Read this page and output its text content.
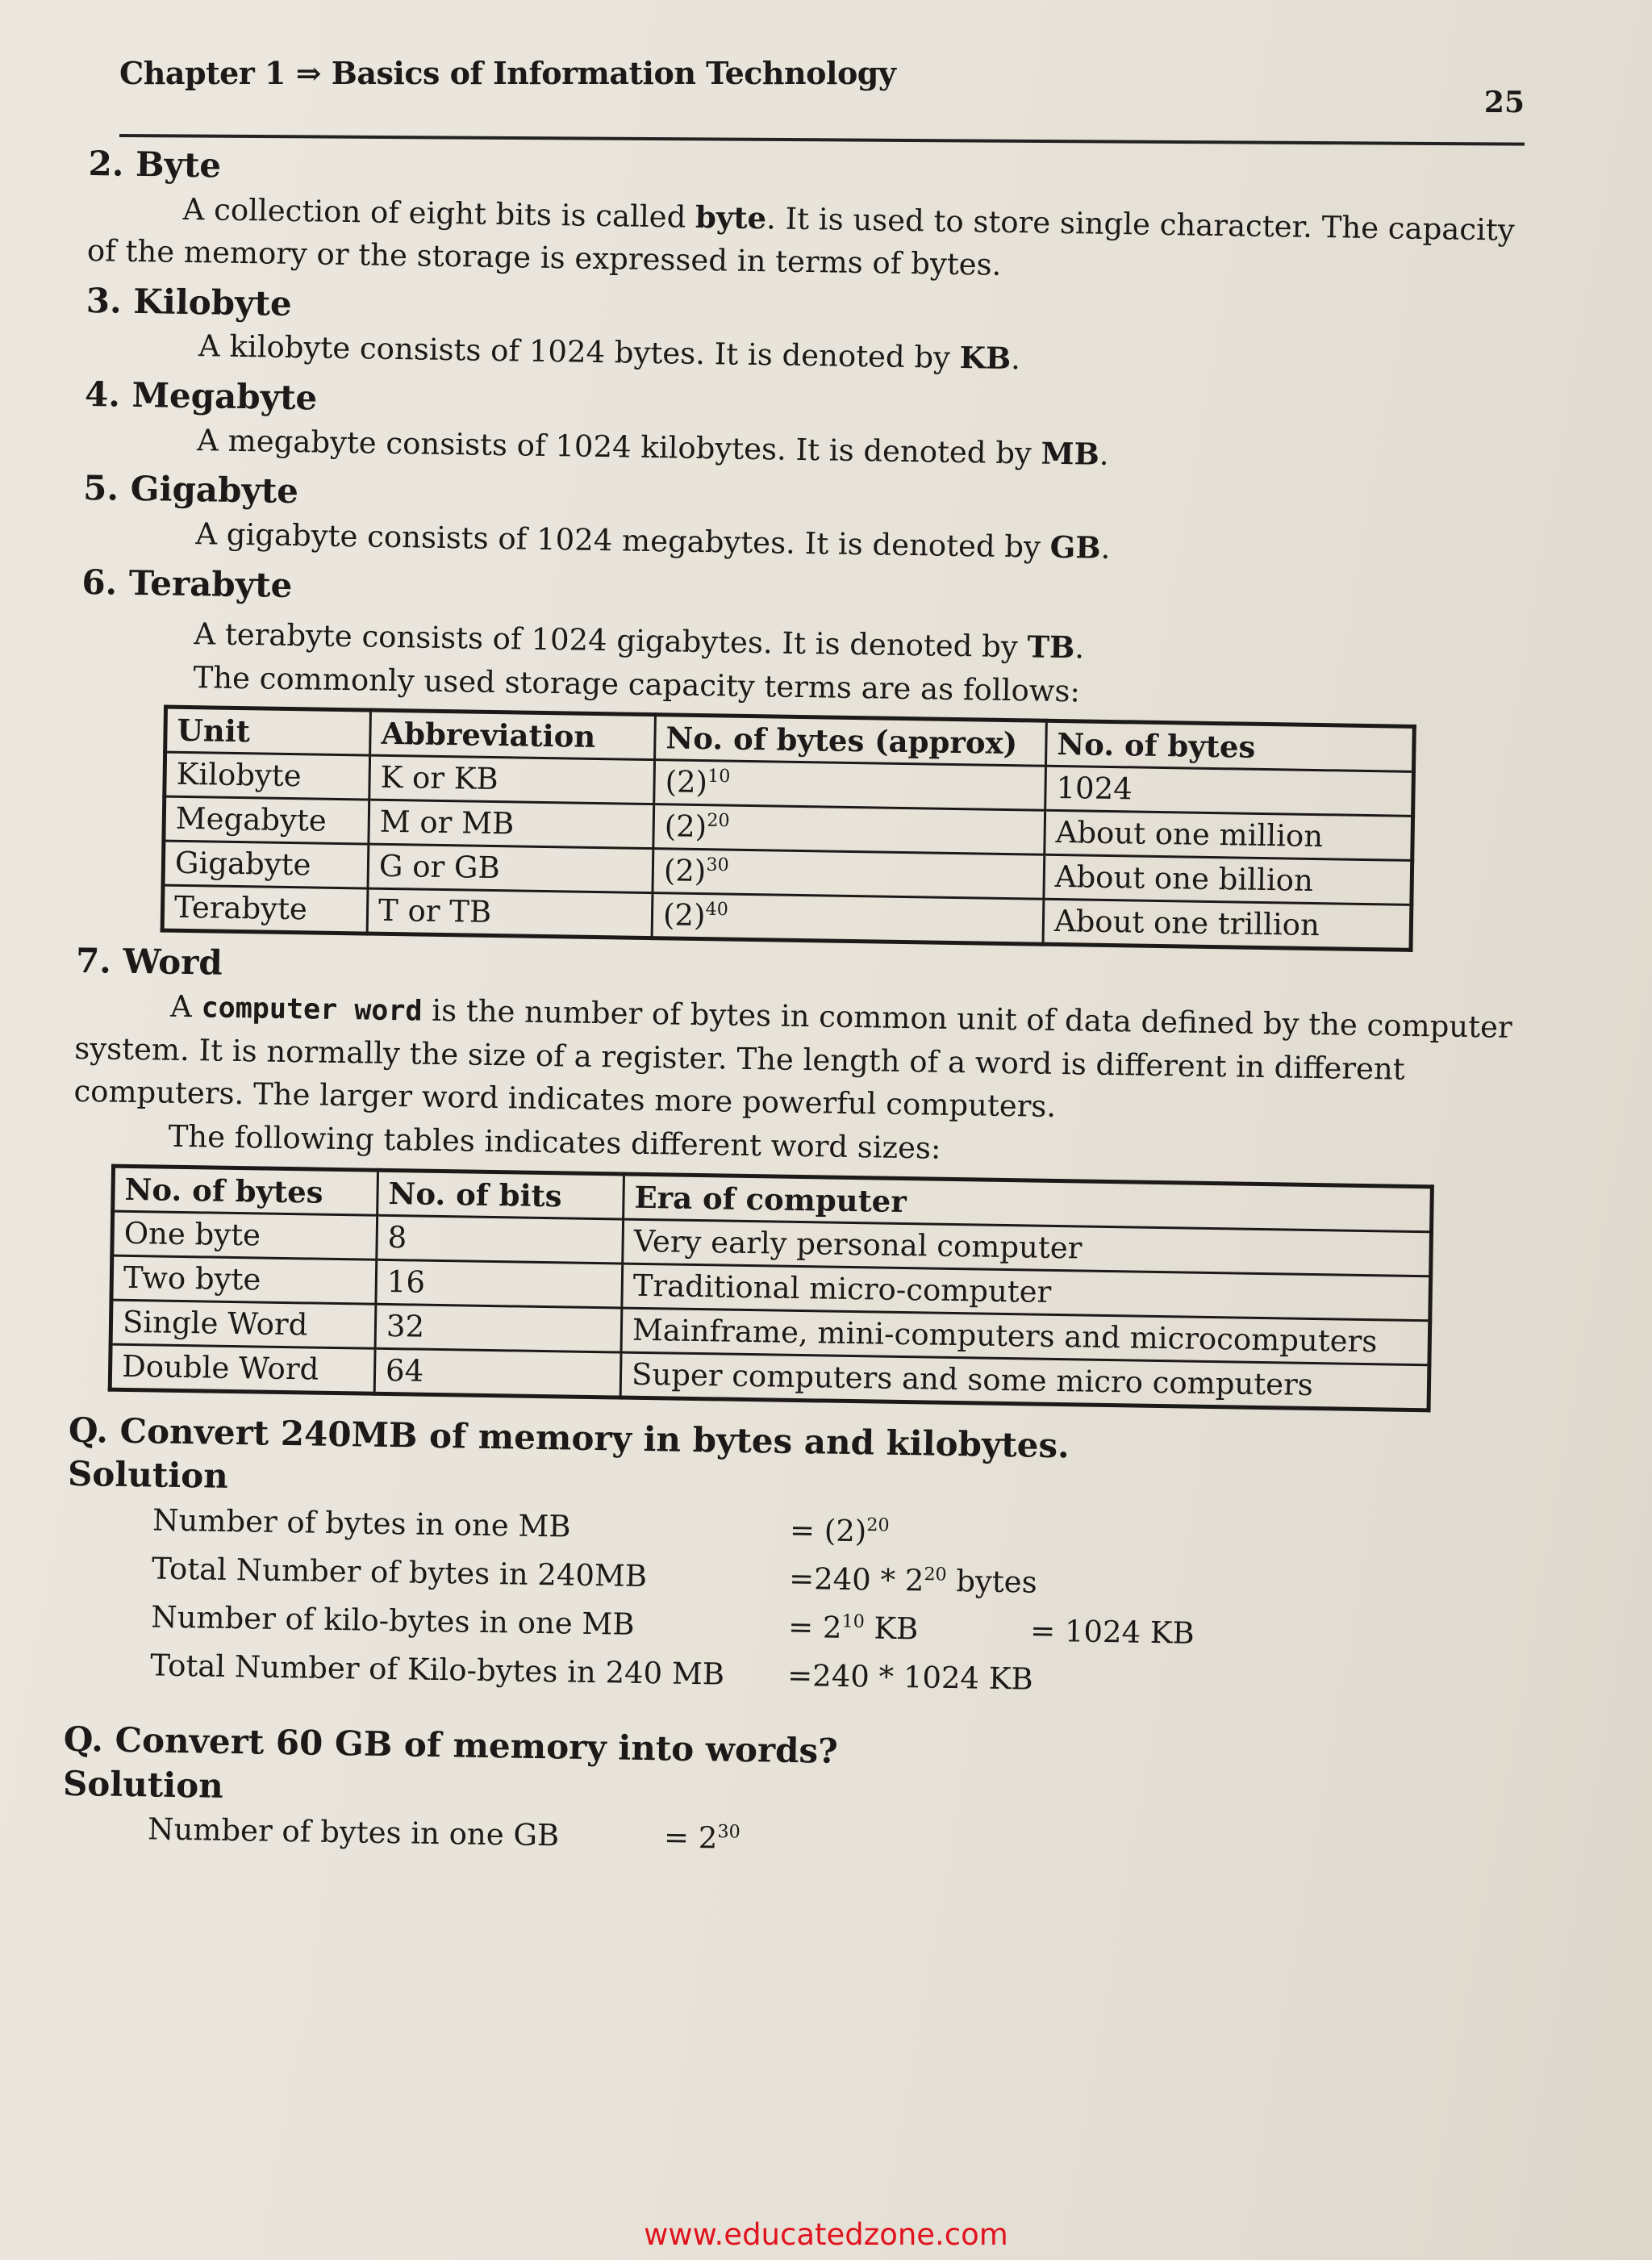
Chapter 1 ⇒ Basics of Information Technology
25
2. Byte

A collection of eight bits is called byte. It is used to store single character. The capacity of the memory or the storage is expressed in terms of bytes.

3. Kilobyte

A kilobyte consists of 1024 bytes. It is denoted by KB.

4. Megabyte

A megabyte consists of 1024 kilobytes. It is denoted by MB.

5. Gigabyte

A gigabyte consists of 1024 megabytes. It is denoted by GB.

6. Terabyte

A terabyte consists of 1024 gigabytes. It is denoted by TB.

The commonly used storage capacity terms are as follows:

Unit	Abbreviation	No. of bytes (approx)	No. of bytes
Kilobyte	K or KB	$(2)^{10}$	1024
Megabyte	M or MB	$(2)^{20}$	About one million
Gigabyte	G or GB	$(2)^{30}$	About one billion
Terabyte	T or TB	$(2)^{40}$	About one trillion
7. Word

A computer word is the number of bytes in common unit of data defined by the computer system. It is normally the size of a register. The length of a word is different in different computers. The larger word indicates more powerful computers.

The following tables indicates different word sizes:

No. of bytes	No. of bits	Era of computer
One byte	8	Very early personal computer
Two byte	16	Traditional micro-computer
Single Word	32	Mainframe, mini-computers and microcomputers
Double Word	64	Super computers and some micro computers
Q. Convert 240MB of memory in bytes and kilobytes.
Solution
Number of bytes in one MB	= $(2)^{20}$
Total Number of bytes in 240MB	$=240 * 2^{20}$ bytes
Number of kilo-bytes in one MB	= $2^{10}$ KB	= 1024 KB
Total Number of Kilo-bytes in 240 MB =240 * 1024 KB
Q. Convert 60 GB of memory into words?
Solution
Number of bytes in one GB	= $2^{30}$
www.educatedzone.com
